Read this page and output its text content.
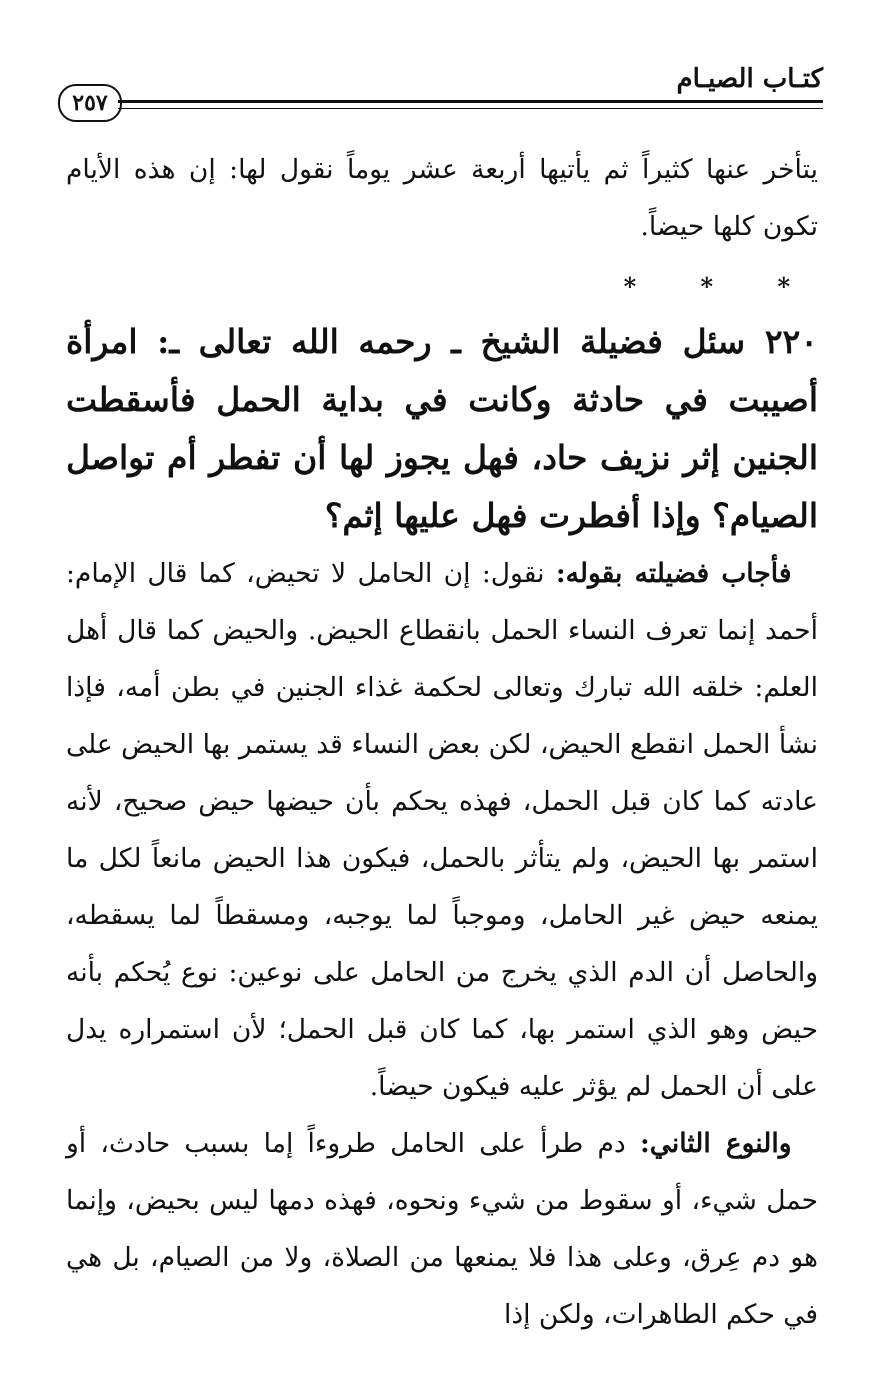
كتـاب الصيـام
٢٥٧

يتأخر عنها كثيراً ثم يأتيها أربعة عشر يوماً نقول لها: إن هذه الأيام تكون كلها حيضاً.

* * *

٢٢٠ سئل فضيلة الشيخ ـ رحمه الله تعالى ـ: امرأة أصيبت في حادثة وكانت في بداية الحمل فأسقطت الجنين إثر نزيف حاد، فهل يجوز لها أن تفطر أم تواصل الصيام؟ وإذا أفطرت فهل عليها إثم؟

 فأجاب فضيلته بقوله: نقول: إن الحامل لا تحيض، كما قال الإمام: أحمد إنما تعرف النساء الحمل بانقطاع الحيض. والحيض كما قال أهل العلم: خلقه الله تبارك وتعالى لحكمة غذاء الجنين في بطن أمه، فإذا نشأ الحمل انقطع الحيض، لكن بعض النساء قد يستمر بها الحيض على عادته كما كان قبل الحمل، فهذه يحكم بأن حيضها حيض صحيح، لأنه استمر بها الحيض، ولم يتأثر بالحمل، فيكون هذا الحيض مانعاً لكل ما يمنعه حيض غير الحامل، وموجباً لما يوجبه، ومسقطاً لما يسقطه، والحاصل أن الدم الذي يخرج من الحامل على نوعين: نوع يُحكم بأنه حيض وهو الذي استمر بها، كما كان قبل الحمل؛ لأن استمراره يدل على أن الحمل لم يؤثر عليه فيكون حيضاً.

 والنوع الثاني: دم طرأ على الحامل طروءاً إما بسبب حادث، أو حمل شيء، أو سقوط من شيء ونحوه، فهذه دمها ليس بحيض، وإنما هو دم عِرق، وعلى هذا فلا يمنعها من الصلاة، ولا من الصيام، بل هي في حكم الطاهرات، ولكن إذا
